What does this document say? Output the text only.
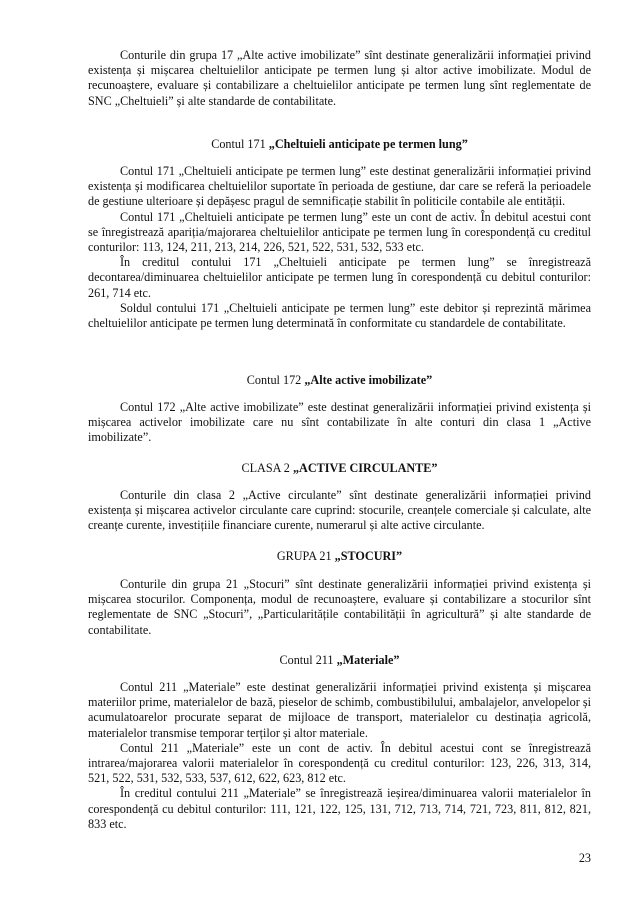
Conturile din grupa 17 „Alte active imobilizate” sînt destinate generalizării informației privind existența și mișcarea cheltuielilor anticipate pe termen lung și altor active imobilizate. Modul de recunoaștere, evaluare și contabilizare a cheltuielilor anticipate pe termen lung sînt reglementate de SNC „Cheltuieli” și alte standarde de contabilitate.

Contul 171 „Cheltuieli anticipate pe termen lung”

Contul 171 „Cheltuieli anticipate pe termen lung” este destinat generalizării informației privind existența și modificarea cheltuielilor suportate în perioada de gestiune, dar care se referă la perioadele de gestiune ulterioare și depășesc pragul de semnificație stabilit în politicile contabile ale entității.

Contul 171 „Cheltuieli anticipate pe termen lung” este un cont de activ. În debitul acestui cont se înregistrează apariția/majorarea cheltuielilor anticipate pe termen lung în corespondență cu creditul conturilor: 113, 124, 211, 213, 214, 226, 521, 522, 531, 532, 533 etc.

În creditul contului 171 „Cheltuieli anticipate pe termen lung” se înregistrează decontarea/diminuarea cheltuielilor anticipate pe termen lung în corespondență cu debitul conturilor: 261, 714 etc.

Soldul contului 171 „Cheltuieli anticipate pe termen lung” este debitor și reprezintă mărimea cheltuielilor anticipate pe termen lung determinată în conformitate cu standardele de contabilitate.

Contul 172 „Alte active imobilizate”

Contul 172 „Alte active imobilizate” este destinat generalizării informației privind existența și mișcarea activelor imobilizate care nu sînt contabilizate în alte conturi din clasa 1 „Active imobilizate”.

CLASA 2 „ACTIVE CIRCULANTE”

Conturile din clasa 2 „Active circulante” sînt destinate generalizării informației privind existența și mișcarea activelor circulante care cuprind: stocurile, creanțele comerciale și calculate, alte creanțe curente, investițiile financiare curente, numerarul și alte active circulante.

GRUPA 21 „STOCURI”

Conturile din grupa 21 „Stocuri” sînt destinate generalizării informației privind existența și mișcarea stocurilor. Componența, modul de recunoaștere, evaluare și contabilizare a stocurilor sînt reglementate de SNC „Stocuri”, „Particularitățile contabilității în agricultură” și alte standarde de contabilitate.

Contul 211 „Materiale”

Contul 211 „Materiale” este destinat generalizării informației privind existența și mișcarea materiilor prime, materialelor de bază, pieselor de schimb, combustibilului, ambalajelor, anvelopelor și acumulatoarelor procurate separat de mijloace de transport, materialelor cu destinația agricolă, materialelor transmise temporar terților și altor materiale.

Contul 211 „Materiale” este un cont de activ. În debitul acestui cont se înregistrează intrarea/majorarea valorii materialelor în corespondență cu creditul conturilor: 123, 226, 313, 314, 521, 522, 531, 532, 533, 537, 612, 622, 623, 812 etc.

În creditul contului 211 „Materiale” se înregistrează ieșirea/diminuarea valorii materialelor în corespondență cu debitul conturilor: 111, 121, 122, 125, 131, 712, 713, 714, 721, 723, 811, 812, 821, 833 etc.

23
